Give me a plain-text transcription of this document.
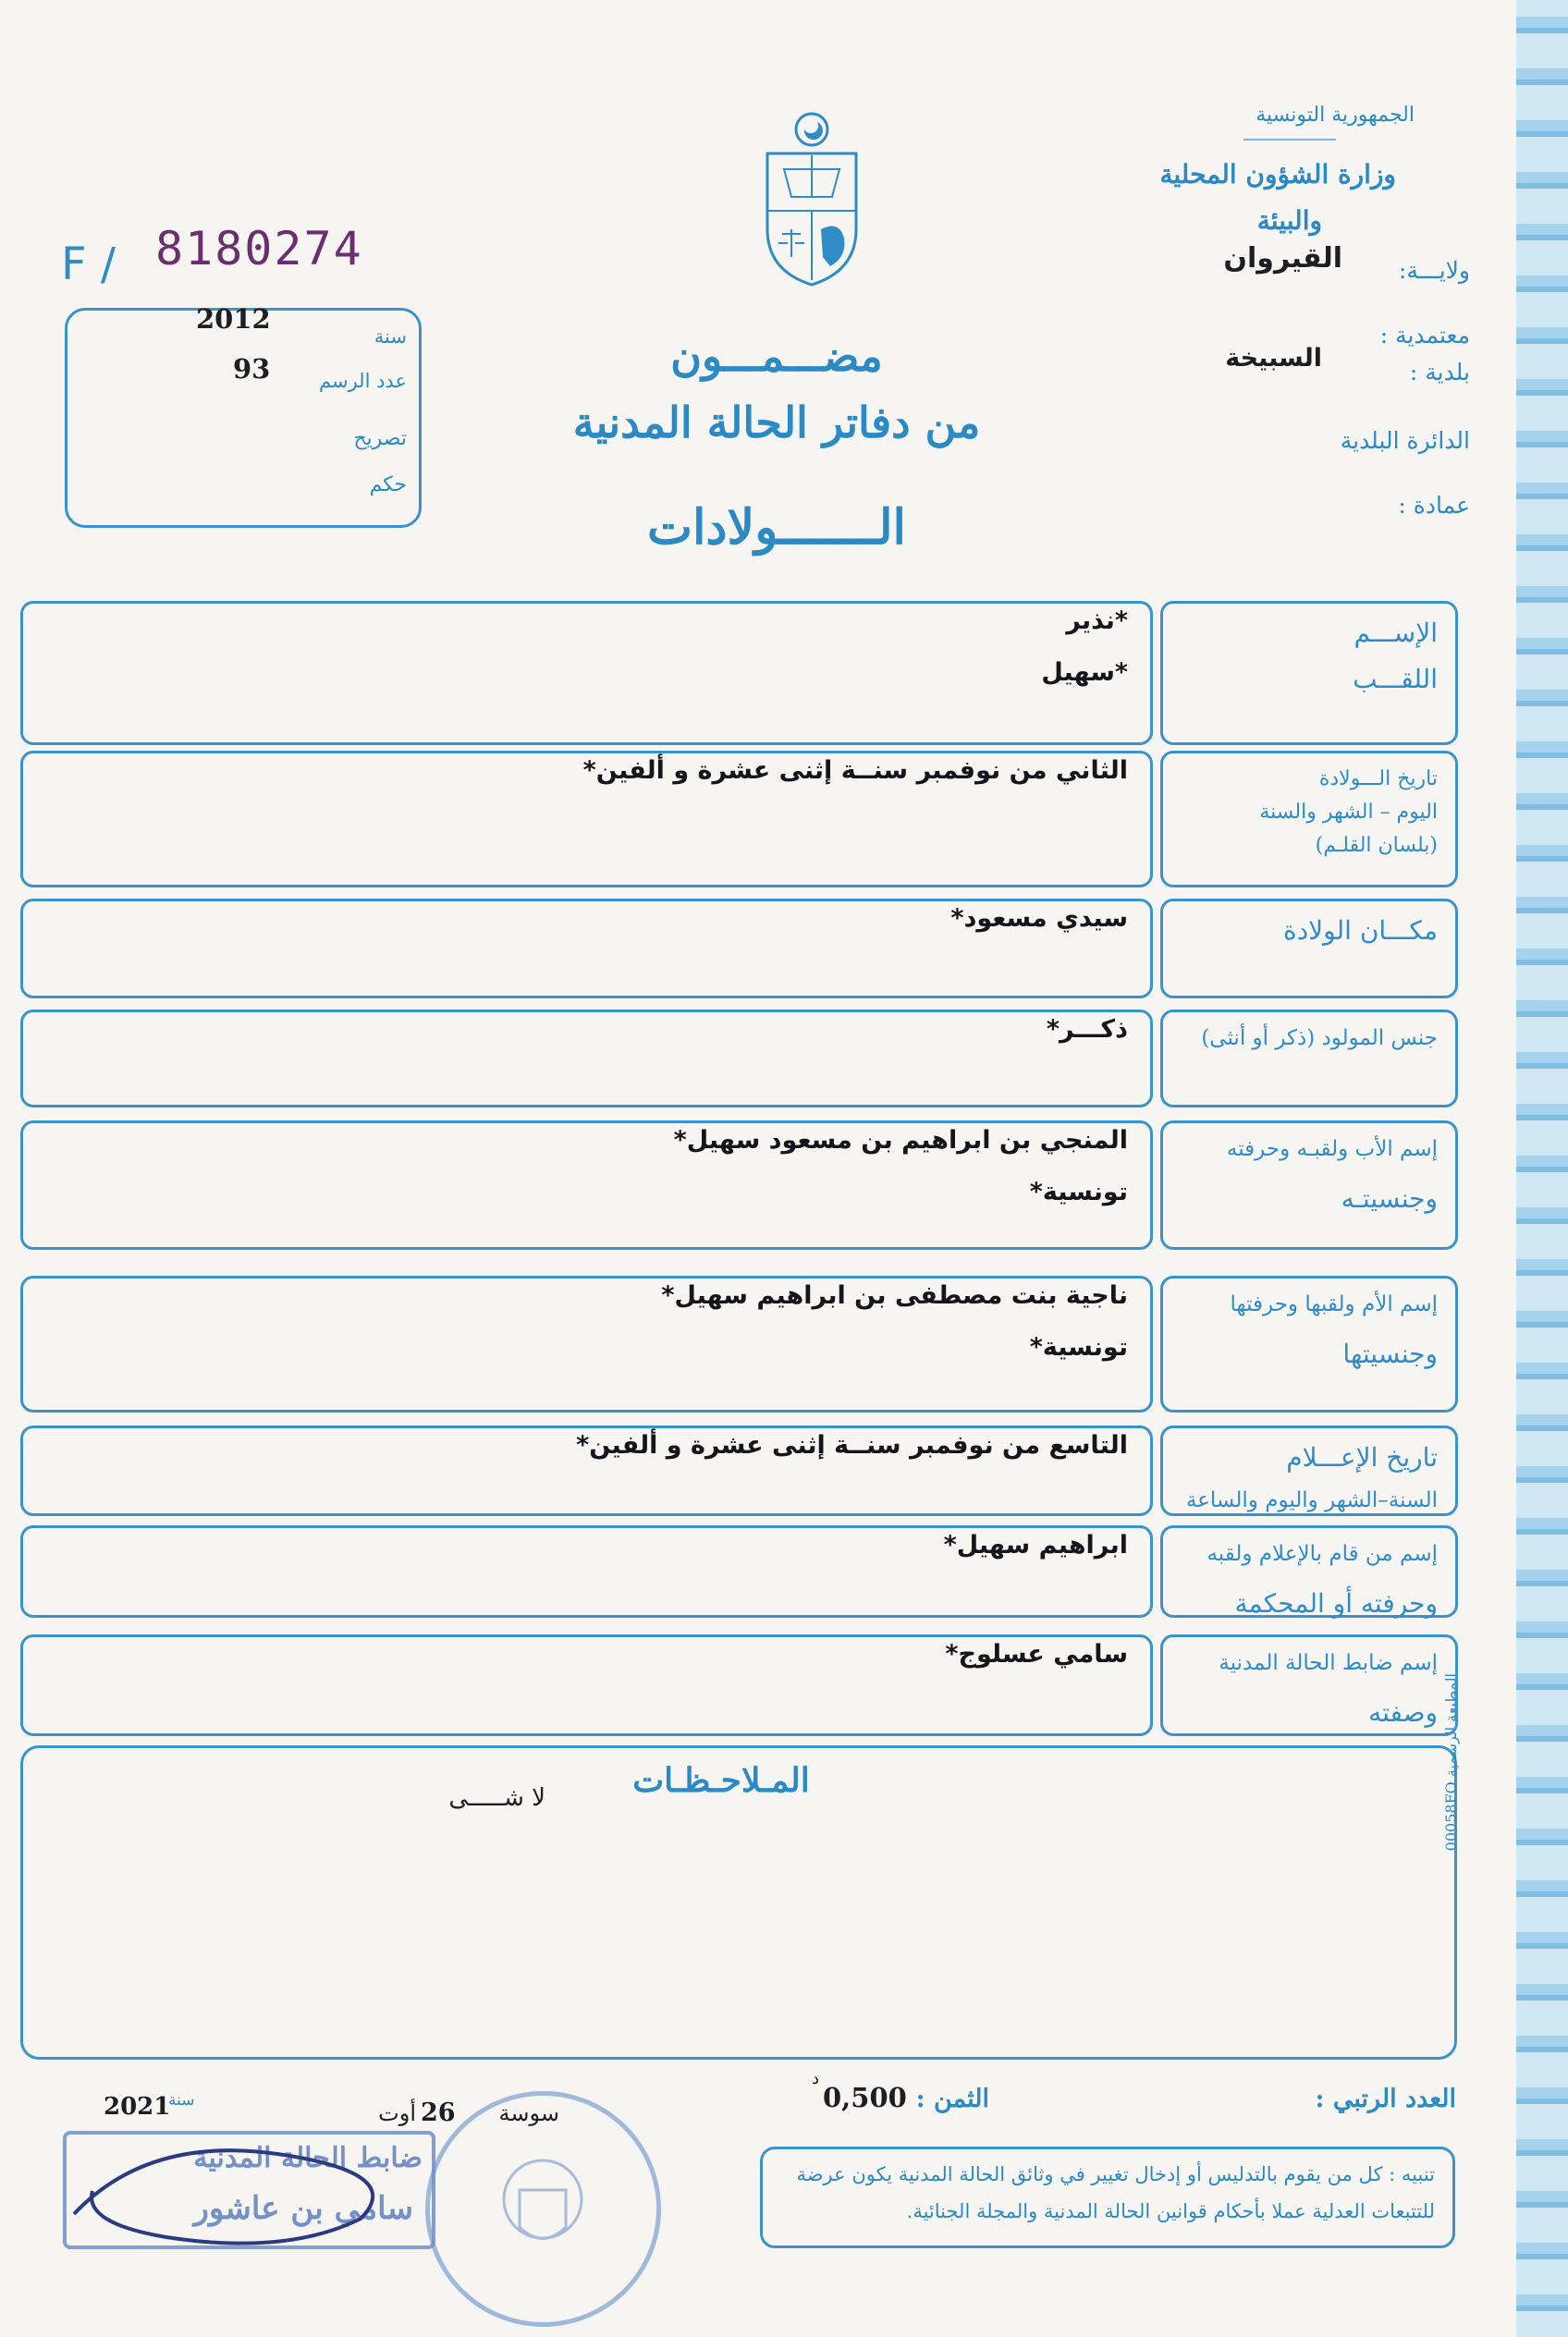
الجمهورية التونسية
وزارة الشؤون المحلية
والبيئة
ولايـــة:
القيروان
معتمدية :
بلدية :
السبيخة
الدائرة البلدية
عمادة :
F / 8180274
سنة
2012
عدد الرسم
93
تصريح
حكم
مضـــمـــون
من دفاتر الحالة المدنية
الـــــــولادات
المـلاحـظـات
لا شـــــى	المطبعة الرسمية 00058FO
العدد الرتبي :
الثمن :
0,500
د
سوسة
26
أوت
سنة
2021
تنبيه : كل من يقوم بالتدليس أو إدخال تغيير في وثائق الحالة المدنية يكون عرضة
للتتبعات العدلية عملا بأحكام قوانين الحالة المدنية والمجلة الجنائية.
ضابط الحالة المدنية
سامي بن عاشور
الإســـم
اللقـــب
*نذير
*سهيل
تاريخ الـــولادة
اليوم – الشهر والسنة
(بلسان القلـم)
الثاني من نوفمبر سنــة إثنى عشرة و ألفين*
مكـــان الولادة
سيدي مسعود*
جنس المولود (ذكر أو أنثى)
ذكـــر*
إسم الأب ولقبـه وحرفته
وجنسيتـه
المنجي بن ابراهيم بن مسعود سهيل*
تونسية*
إسم الأم ولقبها وحرفتها
وجنسيتها
ناجية بنت مصطفى بن ابراهيم سهيل*
تونسية*
تاريخ الإعـــلام
السنة–الشهر واليوم والساعة
التاسع من نوفمبر سنــة إثنى عشرة و ألفين*
إسم من قام بالإعلام ولقبه
وحرفته أو المحكمة
ابراهيم سهيل*
إسم ضابط الحالة المدنية
وصفته
سامي عسلوج*
